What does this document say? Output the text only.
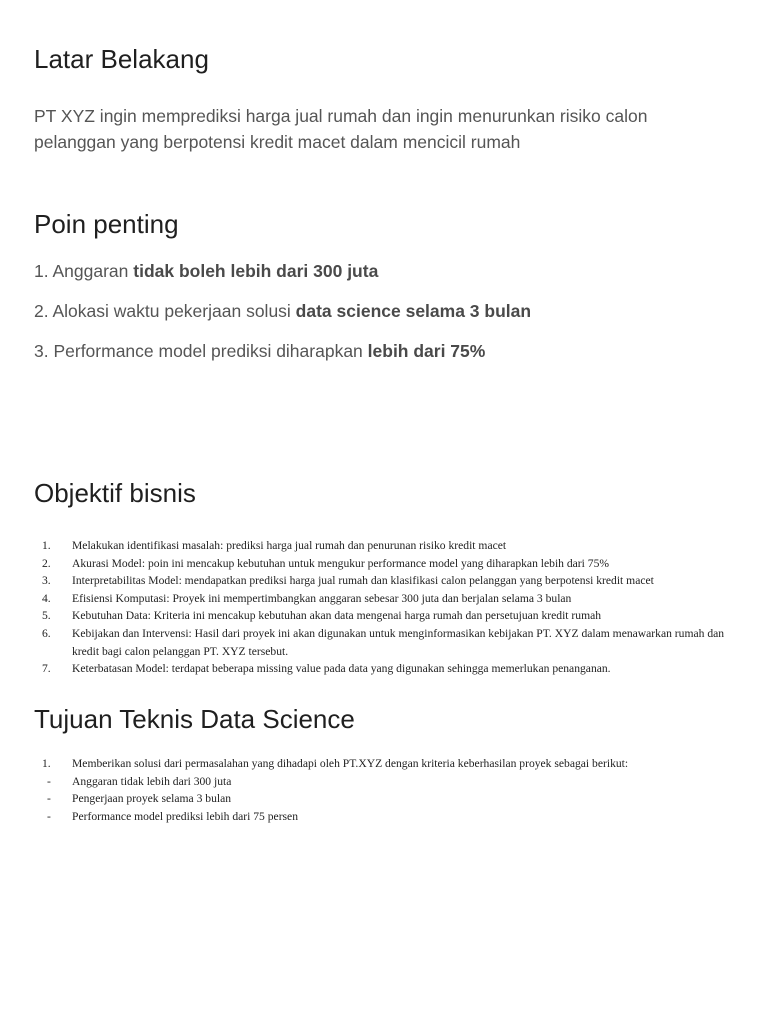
Latar Belakang

PT XYZ ingin memprediksi harga jual rumah dan ingin menurunkan risiko calon pelanggan yang berpotensi kredit macet dalam mencicil rumah

Poin penting
1. Anggaran tidak boleh lebih dari 300 juta
2. Alokasi waktu pekerjaan solusi data science selama 3 bulan
3. Performance model prediksi diharapkan lebih dari 75%
Objektif bisnis
1.	Melakukan identifikasi masalah: prediksi harga jual rumah dan penurunan risiko kredit macet
2.	Akurasi Model: poin ini mencakup kebutuhan untuk mengukur performance model yang diharapkan lebih dari 75%
3.	Interpretabilitas Model: mendapatkan prediksi harga jual rumah dan klasifikasi calon pelanggan yang berpotensi kredit macet
4.	Efisiensi Komputasi: Proyek ini mempertimbangkan anggaran sebesar 300 juta dan berjalan selama 3 bulan
5.	Kebutuhan Data: Kriteria ini mencakup kebutuhan akan data mengenai harga rumah dan persetujuan kredit rumah
6.	Kebijakan dan Intervensi: Hasil dari proyek ini akan digunakan untuk menginformasikan kebijakan PT. XYZ dalam menawarkan rumah dan kredit bagi calon pelanggan PT. XYZ tersebut.
7.	Keterbatasan Model: terdapat beberapa missing value pada data yang digunakan sehingga memerlukan penanganan.
Tujuan Teknis Data Science
1.	Memberikan solusi dari permasalahan yang dihadapi oleh PT.XYZ dengan kriteria keberhasilan proyek sebagai berikut:
-	Anggaran tidak lebih dari 300 juta
-	Pengerjaan proyek selama 3 bulan
-	Performance model prediksi lebih dari 75 persen
